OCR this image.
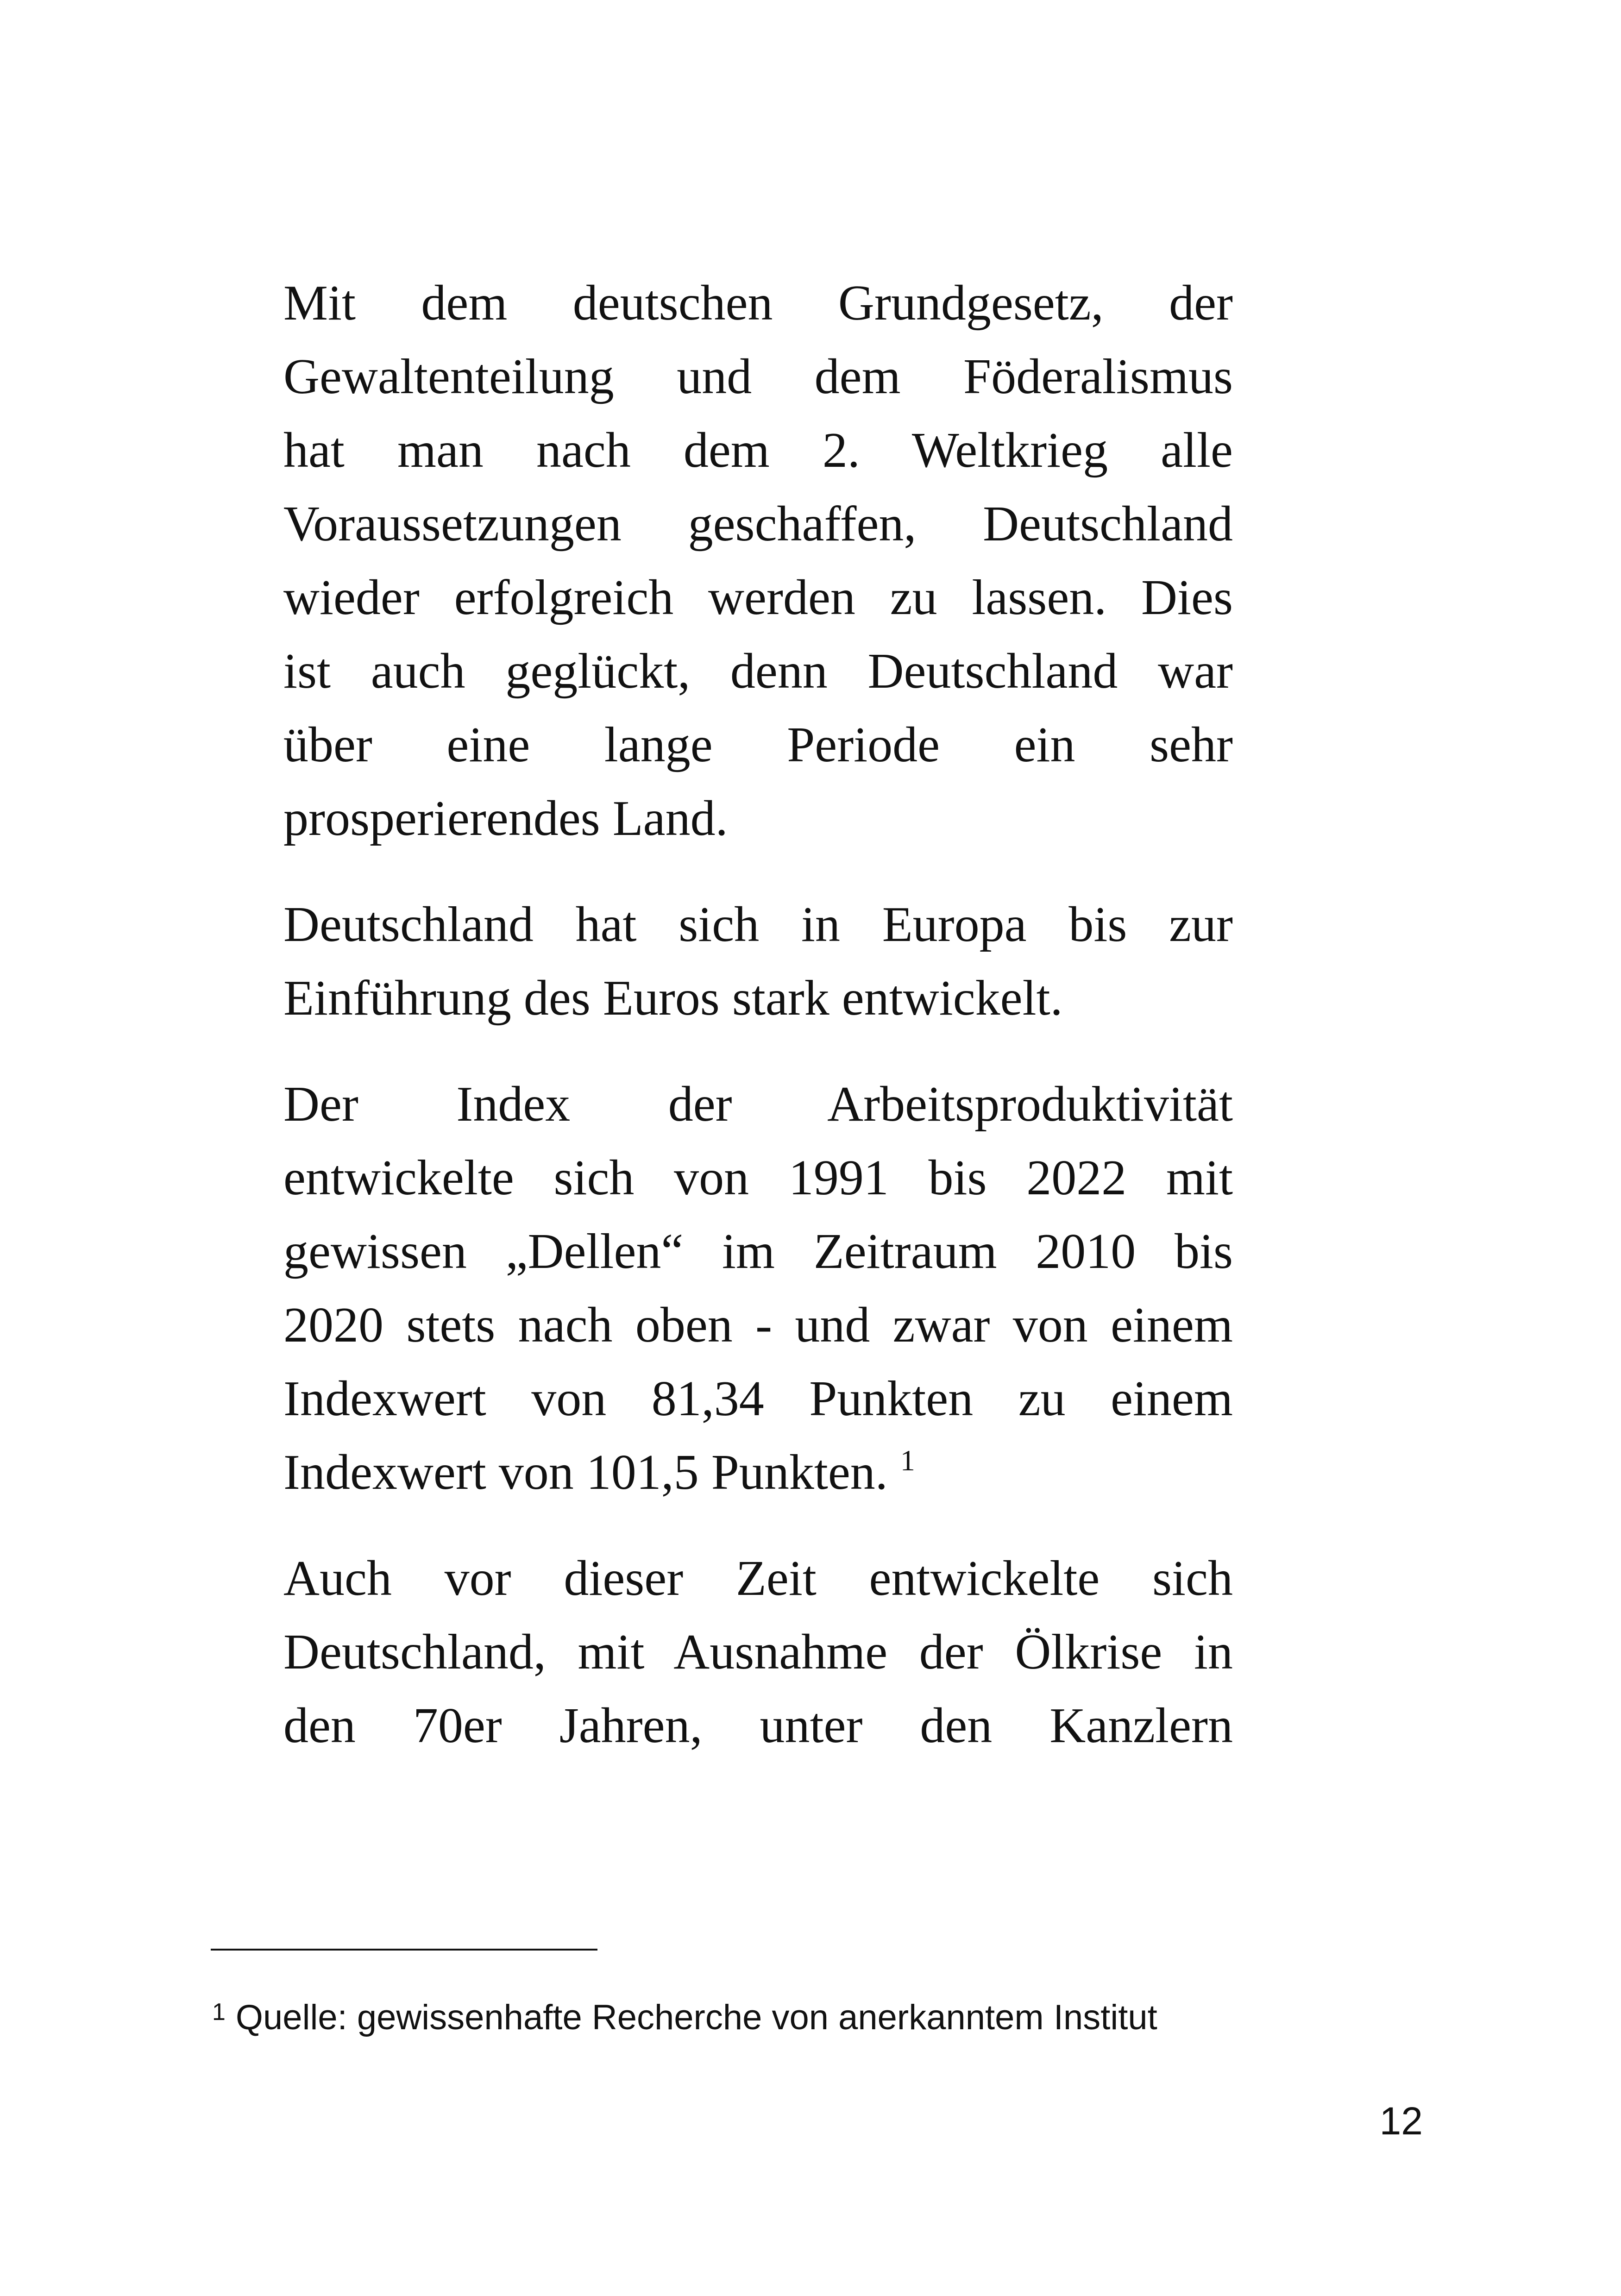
Mit dem deutschen Grundgesetz, der
Gewaltenteilung und dem Föderalismus
hat man nach dem 2. Weltkrieg alle
Voraussetzungen geschaffen, Deutschland
wieder erfolgreich werden zu lassen. Dies
ist auch geglückt, denn Deutschland war
über eine lange Periode ein sehr
prosperierendes Land.
Deutschland hat sich in Europa bis zur
Einführung des Euros stark entwickelt.
Der Index der Arbeitsproduktivität
entwickelte sich von 1991 bis 2022 mit
gewissen „Dellen“ im Zeitraum 2010 bis
2020 stets nach oben - und zwar von einem
Indexwert von 81,34 Punkten zu einem
Indexwert von 101,5 Punkten. $^1$
Auch vor dieser Zeit entwickelte sich
Deutschland, mit Ausnahme der Ölkrise in
den 70er Jahren, unter den Kanzlern
$^1$ Quelle: gewissenhafte Recherche von anerkanntem Institut
12
